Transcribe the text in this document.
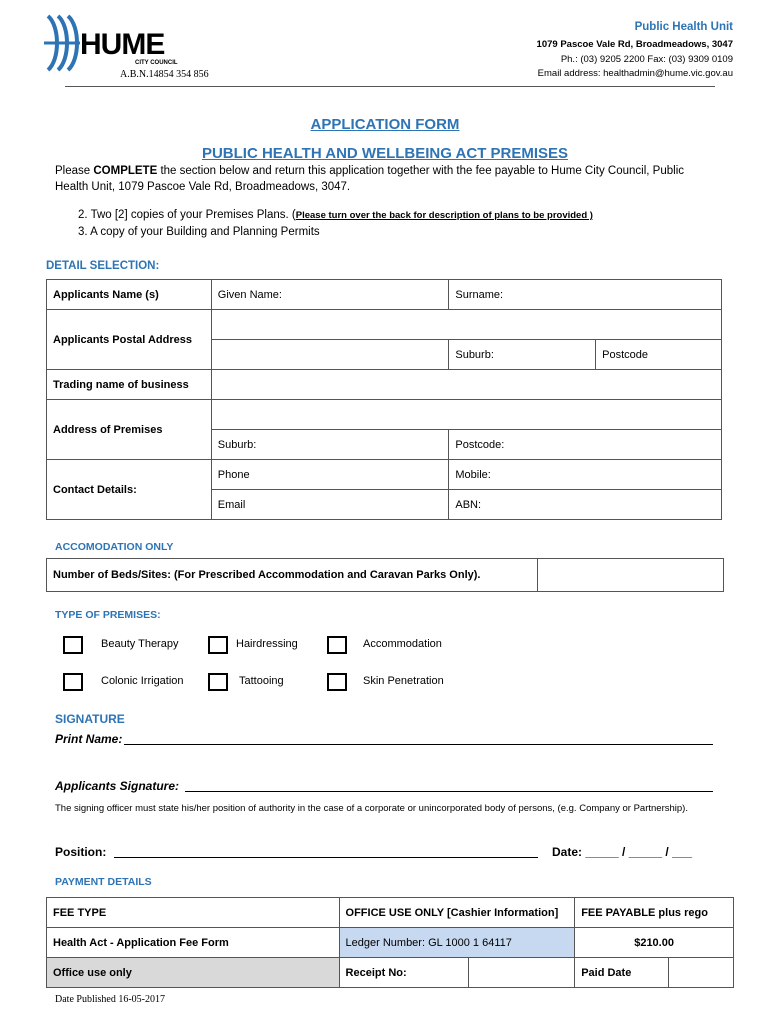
HUME
CITY COUNCIL
A.B.N.14854 354 856
Public Health Unit
1079 Pascoe Vale Rd, Broadmeadows, 3047
Ph.: (03) 9205 2200 Fax: (03) 9309 0109
Email address: healthadmin@hume.vic.gov.au
APPLICATION FORM
PUBLIC HEALTH AND WELLBEING ACT PREMISES
Please COMPLETE the section below and return this application together with the fee payable to Hume City Council, Public Health Unit, 1079 Pascoe Vale Rd, Broadmeadows, 3047.
2. Two [2] copies of your Premises Plans. (Please turn over the back for description of plans to be provided )
3. A copy of your Building and Planning Permits
DETAIL SELECTION:
Applicants Name (s)	Given Name:	Surname:	
Applicants Postal Address			
		Suburb:	Postcode
Trading name of business			
Address of Premises			
	Suburb:	Postcode:	
Contact Details:	Phone	Mobile:	
	Email	ABN:	
ACCOMODATION ONLY
Number of Beds/Sites: (For Prescribed Accommodation and Caravan Parks Only).	
TYPE OF PREMISES:
Beauty Therapy	Hairdressing	Accommodation
Colonic Irrigation	Tattooing	Skin Penetration
SIGNATURE
Print Name:
Applicants Signature:
The signing officer must state his/her position of authority in the case of a corporate or unincorporated body of persons, (e.g. Company or Partnership).
Position:	Date: _____ / _____ / ___
PAYMENT DETAILS
FEE TYPE	OFFICE USE ONLY [Cashier Information]		FEE PAYABLE plus rego	
Health Act - Application Fee Form	Ledger Number: GL 1000 1 64117		$210.00	
Office use only	Receipt No:		Paid Date	
Date Published 16-05-2017
